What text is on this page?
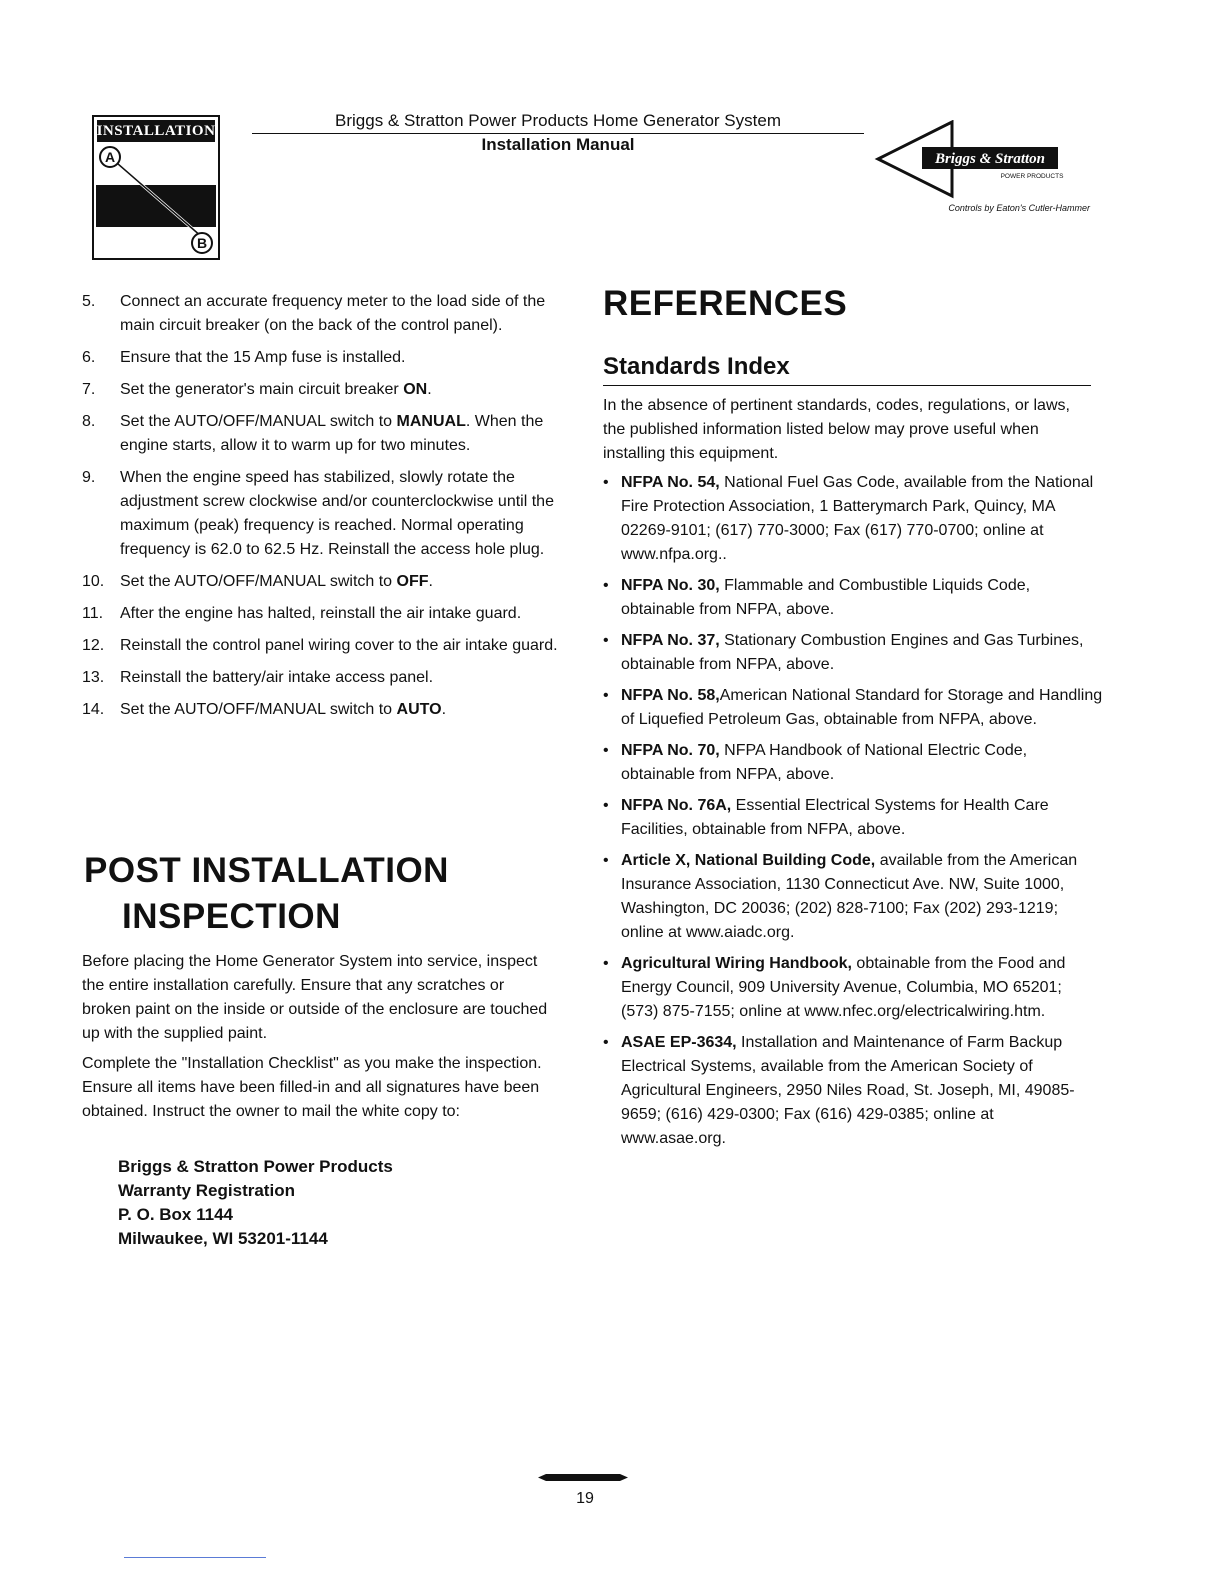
INSTALLATION
A
B
Briggs & Stratton Power Products Home Generator System
Installation Manual
Briggs & Stratton
POWER PRODUCTS
Controls by Eaton's Cutler-Hammer
5. Connect an accurate frequency meter to the load side of the main circuit breaker (on the back of the control panel).
6. Ensure that the 15 Amp fuse is installed.
7. Set the generator's main circuit breaker ON.
8. Set the AUTO/OFF/MANUAL switch to MANUAL. When the engine starts, allow it to warm up for two minutes.
9. When the engine speed has stabilized, slowly rotate the adjustment screw clockwise and/or counterclockwise until the maximum (peak) frequency is reached. Normal operating frequency is 62.0 to 62.5 Hz. Reinstall the access hole plug.
10. Set the AUTO/OFF/MANUAL switch to OFF.
11. After the engine has halted, reinstall the air intake guard.
12. Reinstall the control panel wiring cover to the air intake guard.
13. Reinstall the battery/air intake access panel.
14. Set the AUTO/OFF/MANUAL switch to AUTO.
POST INSTALLATION
INSPECTION
Before placing the Home Generator System into service, inspect the entire installation carefully. Ensure that any scratches or broken paint on the inside or outside of the enclosure are touched up with the supplied paint.
Complete the "Installation Checklist" as you make the inspection. Ensure all items have been filled-in and all signatures have been obtained. Instruct the owner to mail the white copy to:
Briggs & Stratton Power Products
Warranty Registration
P. O. Box 1144
Milwaukee, WI 53201-1144
REFERENCES
Standards Index
In the absence of pertinent standards, codes, regulations, or laws, the published information listed below may prove useful when installing this equipment.
• NFPA No. 54, National Fuel Gas Code, available from the National Fire Protection Association, 1 Batterymarch Park, Quincy, MA 02269-9101; (617) 770-3000; Fax (617) 770-0700; online at www.nfpa.org..
• NFPA No. 30, Flammable and Combustible Liquids Code, obtainable from NFPA, above.
• NFPA No. 37, Stationary Combustion Engines and Gas Turbines, obtainable from NFPA, above.
• NFPA No. 58,American National Standard for Storage and Handling of Liquefied Petroleum Gas, obtainable from NFPA, above.
• NFPA No. 70, NFPA Handbook of National Electric Code, obtainable from NFPA, above.
• NFPA No. 76A, Essential Electrical Systems for Health Care Facilities, obtainable from NFPA, above.
• Article X, National Building Code, available from the American Insurance Association, 1130 Connecticut Ave. NW, Suite 1000, Washington, DC 20036; (202) 828-7100; Fax (202) 293-1219; online at www.aiadc.org.
• Agricultural Wiring Handbook, obtainable from the Food and Energy Council, 909 University Avenue, Columbia, MO 65201; (573) 875-7155; online at www.nfec.org/electricalwiring.htm.
• ASAE EP-3634, Installation and Maintenance of Farm Backup Electrical Systems, available from the American Society of Agricultural Engineers, 2950 Niles Road, St. Joseph, MI, 49085-9659; (616) 429-0300; Fax (616) 429-0385; online at www.asae.org.
19
